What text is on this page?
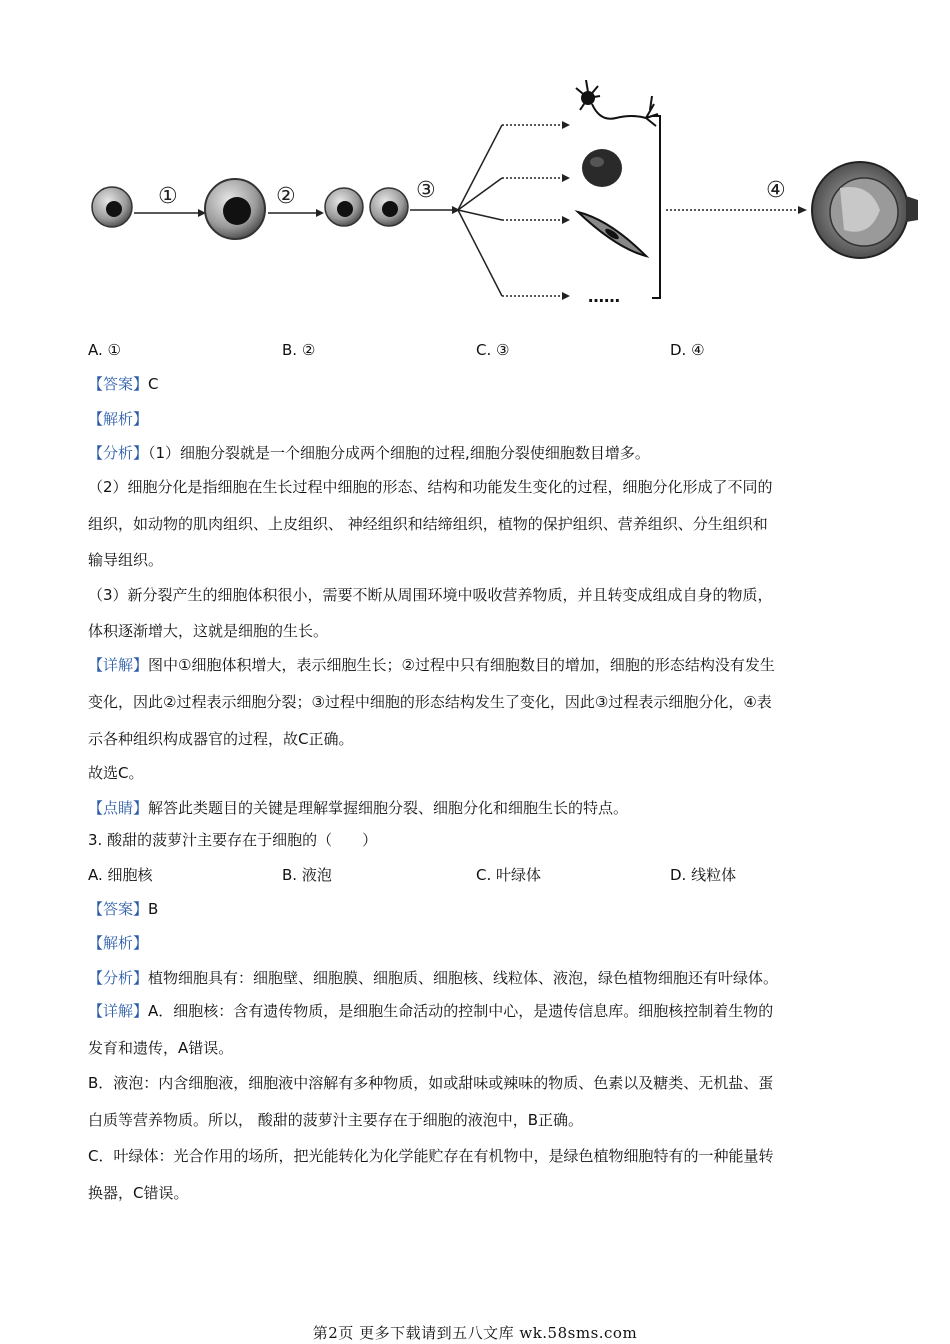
①	②	③
……
④
A. ①	B. ②	C. ③	D. ④
【答案】C
【解析】
【分析】（1）细胞分裂就是一个细胞分成两个细胞的过程,细胞分裂使细胞数目增多。
（2）细胞分化是指细胞在生长过程中细胞的形态、结构和功能发生变化的过程，细胞分化形成了不同的
组织，如动物的肌肉组织、上皮组织、 神经组织和结缔组织，植物的保护组织、营养组织、分生组织和
输导组织。
（3）新分裂产生的细胞体积很小，需要不断从周围环境中吸收营养物质，并且转变成组成自身的物质，
体积逐渐增大，这就是细胞的生长。
【详解】图中①细胞体积增大，表示细胞生长；②过程中只有细胞数目的增加，细胞的形态结构没有发生
变化，因此②过程表示细胞分裂；③过程中细胞的形态结构发生了变化，因此③过程表示细胞分化，④表
示各种组织构成器官的过程，故C正确。
故选C。
【点睛】解答此类题目的关键是理解掌握细胞分裂、细胞分化和细胞生长的特点。
3. 酸甜的菠萝汁主要存在于细胞的（　　）
A. 细胞核	B. 液泡	C. 叶绿体	D. 线粒体
【答案】B
【解析】
【分析】植物细胞具有：细胞壁、细胞膜、细胞质、细胞核、线粒体、液泡，绿色植物细胞还有叶绿体。
【详解】A．细胞核：含有遗传物质，是细胞生命活动的控制中心，是遗传信息库。细胞核控制着生物的
发育和遗传，A错误。
B．液泡：内含细胞液，细胞液中溶解有多种物质，如或甜味或辣味的物质、色素以及糖类、无机盐、蛋
白质等营养物质。所以， 酸甜的菠萝汁主要存在于细胞的液泡中，B正确。
C．叶绿体：光合作用的场所，把光能转化为化学能贮存在有机物中，是绿色植物细胞特有的一种能量转
换器，C错误。
第2页 更多下载请到五八文库 wk.58sms.com
